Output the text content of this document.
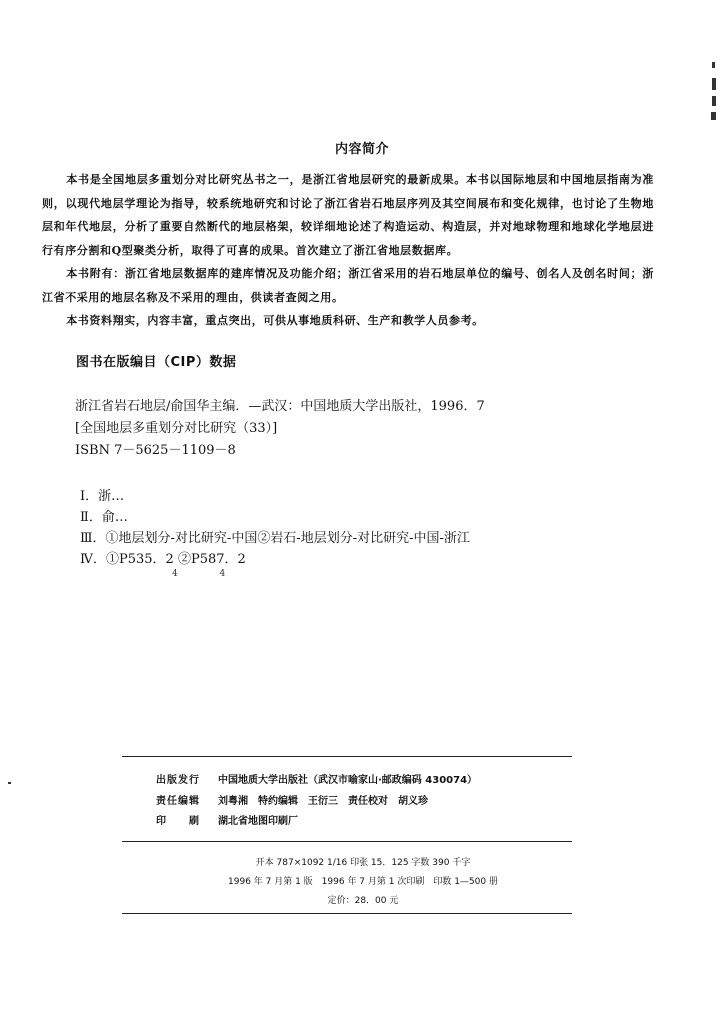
内容简介

本书是全国地层多重划分对比研究丛书之一，是浙江省地层研究的最新成果。本书以国际地层和中国地层指南为准则，以现代地层学理论为指导，较系统地研究和讨论了浙江省岩石地层序列及其空间展布和变化规律，也讨论了生物地层和年代地层，分析了重要自然断代的地层格架，较详细地论述了构造运动、构造层，并对地球物理和地球化学地层进行有序分割和Q型聚类分析，取得了可喜的成果。首次建立了浙江省地层数据库。

本书附有：浙江省地层数据库的建库情况及功能介绍；浙江省采用的岩石地层单位的编号、创名人及创名时间；浙江省不采用的地层名称及不采用的理由，供读者查阅之用。

本书资料翔实，内容丰富，重点突出，可供从事地质科研、生产和教学人员参考。

图书在版编目（CIP）数据
浙江省岩石地层/俞国华主编．—武汉：中国地质大学出版社，1996．7
[全国地层多重划分对比研究（33）]
ISBN 7－5625－1109－8
Ⅰ．浙…
Ⅱ．俞…
Ⅲ．①地层划分-对比研究-中国②岩石-地层划分-对比研究-中国-浙江
Ⅳ．①P535．2 ②P587．2
4	4
出版发行	中国地质大学出版社（武汉市喻家山·邮政编码 430074）
责任编辑	刘粤湘　特约编辑　王衍三　责任校对　胡义珍
印　　刷	湖北省地图印刷厂
开本 787×1092 1/16 印张 15．125 字数 390 千字
1996 年 7 月第 1 版　1996 年 7 月第 1 次印刷　印数 1—500 册
定价：28．00 元
